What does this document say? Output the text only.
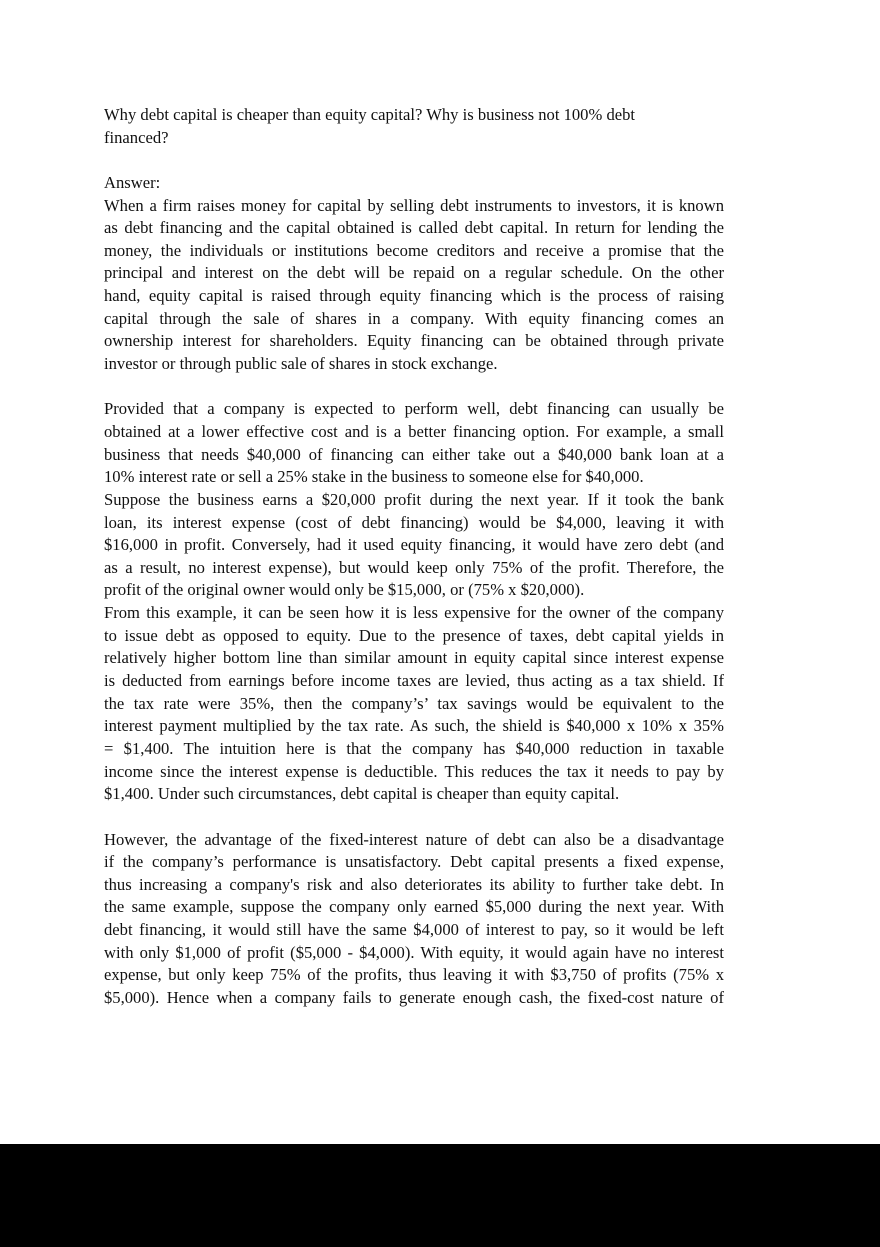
Why debt capital is cheaper than equity capital? Why is business not 100% debt
financed?
Answer:
When a firm raises money for capital by selling debt instruments to investors, it is known
as debt financing and the capital obtained is called debt capital. In return for lending the
money, the individuals or institutions become creditors and receive a promise that the
principal and interest on the debt will be repaid on a regular schedule. On the other
hand, equity capital is raised through equity financing which is the process of raising
capital through the sale of shares in a company. With equity financing comes an
ownership interest for shareholders. Equity financing can be obtained through private
investor or through public sale of shares in stock exchange.
Provided that a company is expected to perform well, debt financing can usually be
obtained at a lower effective cost and is a better financing option. For example, a small
business that needs $40,000 of financing can either take out a $40,000 bank loan at a
10% interest rate or sell a 25% stake in the business to someone else for $40,000.
Suppose the business earns a $20,000 profit during the next year. If it took the bank
loan, its interest expense (cost of debt financing) would be $4,000, leaving it with
$16,000 in profit. Conversely, had it used equity financing, it would have zero debt (and
as a result, no interest expense), but would keep only 75% of the profit. Therefore, the
profit of the original owner would only be $15,000, or (75% x $20,000).
From this example, it can be seen how it is less expensive for the owner of the company
to issue debt as opposed to equity. Due to the presence of taxes, debt capital yields in
relatively higher bottom line than similar amount in equity capital since interest expense
is deducted from earnings before income taxes are levied, thus acting as a tax shield. If
the tax rate were 35%, then the company’s’ tax savings would be equivalent to the
interest payment multiplied by the tax rate. As such, the shield is $40,000 x 10% x 35%
= $1,400. The intuition here is that the company has $40,000 reduction in taxable
income since the interest expense is deductible. This reduces the tax it needs to pay by
$1,400. Under such circumstances, debt capital is cheaper than equity capital.
However, the advantage of the fixed-interest nature of debt can also be a disadvantage
if the company’s performance is unsatisfactory. Debt capital presents a fixed expense,
thus increasing a company's risk and also deteriorates its ability to further take debt. In
the same example, suppose the company only earned $5,000 during the next year. With
debt financing, it would still have the same $4,000 of interest to pay, so it would be left
with only $1,000 of profit ($5,000 - $4,000). With equity, it would again have no interest
expense, but only keep 75% of the profits, thus leaving it with $3,750 of profits (75% x
$5,000). Hence when a company fails to generate enough cash, the fixed-cost nature of
